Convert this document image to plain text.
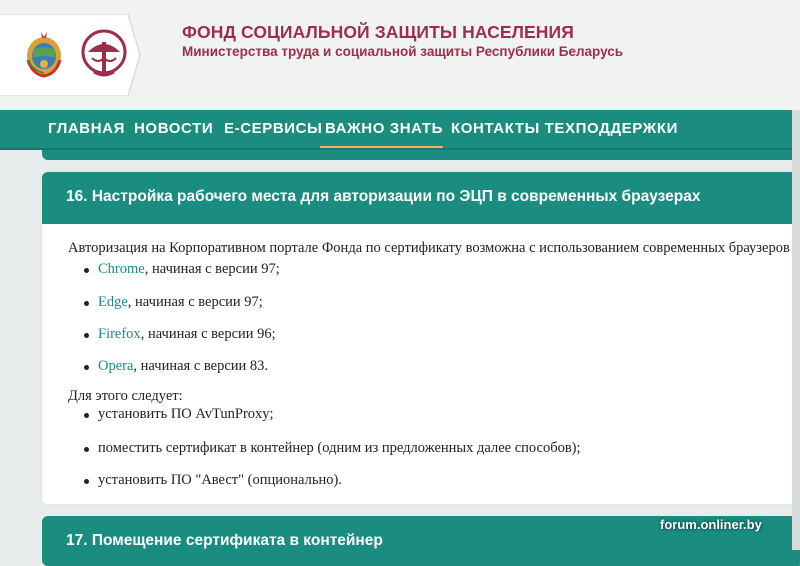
ФОНД СОЦИАЛЬНОЙ ЗАЩИТЫ НАСЕЛЕНИЯ
Министерства труда и социальной защиты Республики Беларусь
ГЛАВНАЯ НОВОСТИ Е-СЕРВИСЫ ВАЖНО ЗНАТЬ КОНТАКТЫ ТЕХПОДДЕРЖКИ
16. Настройка рабочего места для авторизации по ЭЦП в современных браузерах
Авторизация на Корпоративном портале Фонда по сертификату возможна с использованием современных браузеров
Chrome, начиная с версии 97;
Edge, начиная с версии 97;
Firefox, начиная с версии 96;
Opera, начиная с версии 83.
Для этого следует:
установить ПО AvTunProxy;
поместить сертификат в контейнер (одним из предложенных далее способов);
установить ПО "Авест" (опционально).
17. Помещение сертификата в контейнер
forum.onliner.by
